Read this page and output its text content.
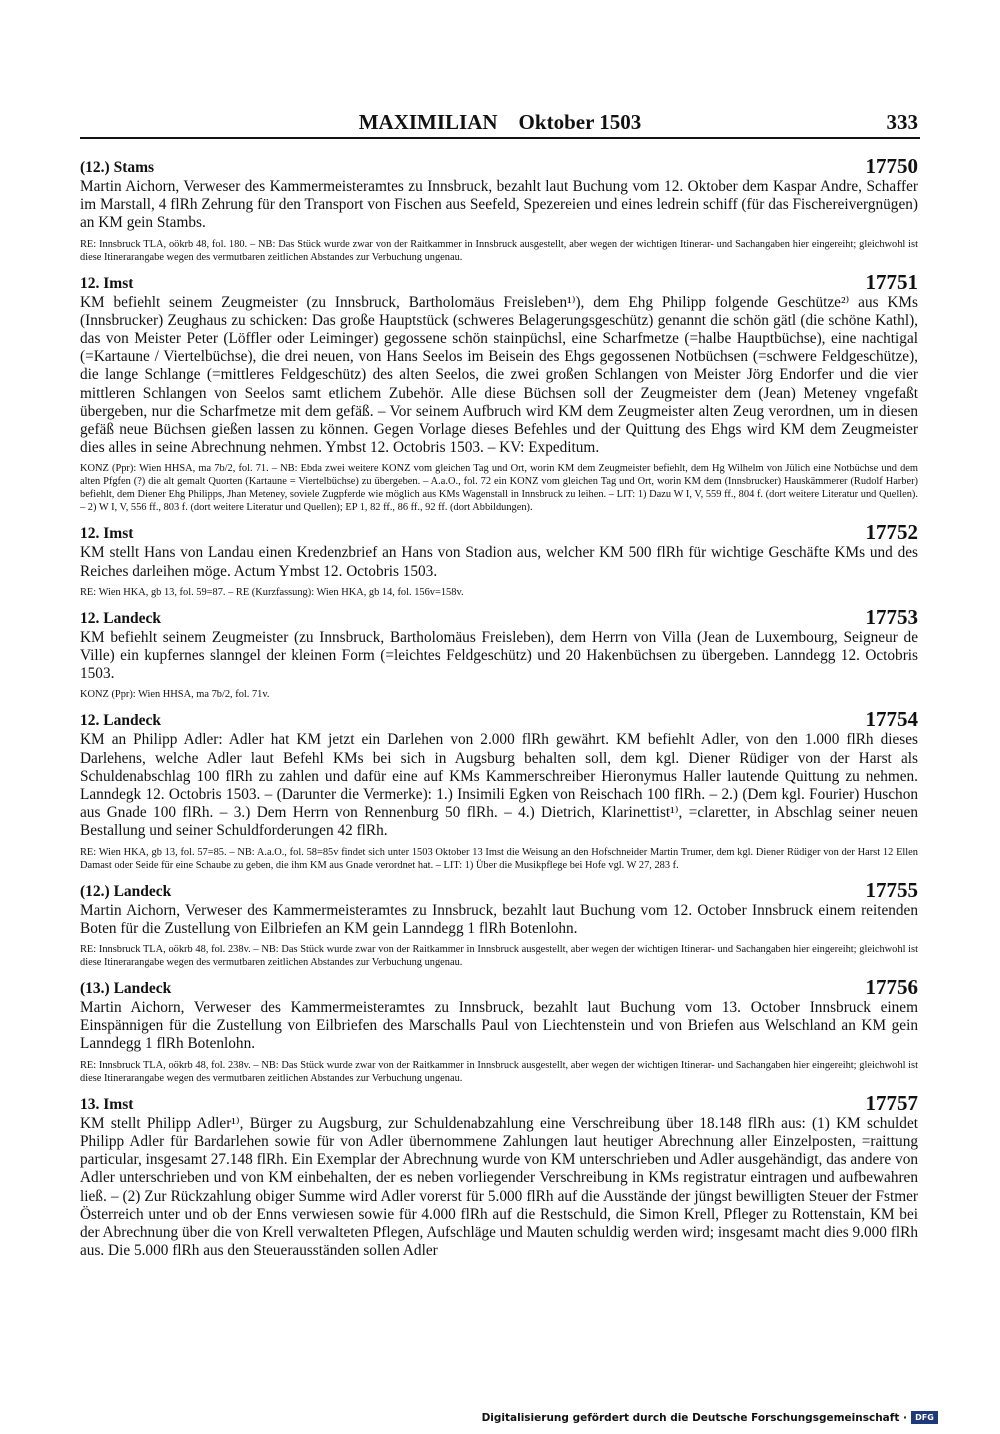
MAXIMILIAN    Oktober 1503	333
(12.) Stams	17750
Martin Aichorn, Verweser des Kammermeisteramtes zu Innsbruck, bezahlt laut Buchung vom 12. Oktober dem Kaspar Andre, Schaffer im Marstall, 4 flRh Zehrung für den Transport von Fischen aus Seefeld, Spezereien und eines ledrein schiff (für das Fischereivergnügen) an KM gein Stambs.
RE: Innsbruck TLA, oökrb 48, fol. 180. – NB: Das Stück wurde zwar von der Raitkammer in Innsbruck ausgestellt, aber wegen der wichtigen Itinerar- und Sachangaben hier eingereiht; gleichwohl ist diese Itinerarangabe wegen des vermutbaren zeitlichen Abstandes zur Verbuchung ungenau.
12. Imst	17751
KM befiehlt seinem Zeugmeister (zu Innsbruck, Bartholomäus Freisleben¹⁾), dem Ehg Philipp folgende Geschütze²⁾ aus KMs (Innsbrucker) Zeughaus zu schicken: Das große Hauptstück (schweres Belagerungsgeschütz) genannt die schön gätl (die schöne Kathl), das von Meister Peter (Löffler oder Leiminger) gegossene schön stainpüchsl, eine Scharfmetze (=halbe Hauptbüchse), eine nachtigal (=Kartaune / Viertelbüchse), die drei neuen, von Hans Seelos im Beisein des Ehgs gegossenen Notbüchsen (=schwere Feldgeschütze), die lange Schlange (=mittleres Feldgeschütz) des alten Seelos, die zwei großen Schlangen von Meister Jörg Endorfer und die vier mittleren Schlangen von Seelos samt etlichem Zubehör. Alle diese Büchsen soll der Zeugmeister dem (Jean) Meteney vngefaßt übergeben, nur die Scharfmetze mit dem gefäß. – Vor seinem Aufbruch wird KM dem Zeugmeister alten Zeug verordnen, um in diesen gefäß neue Büchsen gießen lassen zu können. Gegen Vorlage dieses Befehles und der Quittung des Ehgs wird KM dem Zeugmeister dies alles in seine Abrechnung nehmen. Ymbst 12. Octobris 1503. – KV: Expeditum.
KONZ (Ppr): Wien HHSA, ma 7b/2, fol. 71. – NB: Ebda zwei weitere KONZ vom gleichen Tag und Ort, worin KM dem Zeugmeister befiehlt, dem Hg Wilhelm von Jülich eine Notbüchse und dem alten Pfgfen (?) die alt gemalt Quorten (Kartaune = Viertelbüchse) zu übergeben. – A.a.O., fol. 72 ein KONZ vom gleichen Tag und Ort, worin KM dem (Innsbrucker) Hauskämmerer (Rudolf Harber) befiehlt, dem Diener Ehg Philipps, Jhan Meteney, soviele Zugpferde wie möglich aus KMs Wagenstall in Innsbruck zu leihen. – LIT: 1) Dazu W I, V, 559 ff., 804 f. (dort weitere Literatur und Quellen). – 2) W I, V, 556 ff., 803 f. (dort weitere Literatur und Quellen); EP 1, 82 ff., 86 ff., 92 ff. (dort Abbildungen).
12. Imst	17752
KM stellt Hans von Landau einen Kredenzbrief an Hans von Stadion aus, welcher KM 500 flRh für wichtige Geschäfte KMs und des Reiches darleihen möge. Actum Ymbst 12. Octobris 1503.
RE: Wien HKA, gb 13, fol. 59=87. – RE (Kurzfassung): Wien HKA, gb 14, fol. 156v=158v.
12. Landeck	17753
KM befiehlt seinem Zeugmeister (zu Innsbruck, Bartholomäus Freisleben), dem Herrn von Villa (Jean de Luxembourg, Seigneur de Ville) ein kupfernes slanngel der kleinen Form (=leichtes Feldgeschütz) und 20 Hakenbüchsen zu übergeben. Lanndegg 12. Octobris 1503.
KONZ (Ppr): Wien HHSA, ma 7b/2, fol. 71v.
12. Landeck	17754
KM an Philipp Adler: Adler hat KM jetzt ein Darlehen von 2.000 flRh gewährt. KM befiehlt Adler, von den 1.000 flRh dieses Darlehens, welche Adler laut Befehl KMs bei sich in Augsburg behalten soll, dem kgl. Diener Rüdiger von der Harst als Schuldenabschlag 100 flRh zu zahlen und dafür eine auf KMs Kammerschreiber Hieronymus Haller lautende Quittung zu nehmen. Lanndegk 12. Octobris 1503. – (Darunter die Vermerke): 1.) Insimili Egken von Reischach 100 flRh. – 2.) (Dem kgl. Fourier) Huschon aus Gnade 100 flRh. – 3.) Dem Herrn von Rennenburg 50 flRh. – 4.) Dietrich, Klarinettist¹⁾, =claretter, in Abschlag seiner neuen Bestallung und seiner Schuldforderungen 42 flRh.
RE: Wien HKA, gb 13, fol. 57=85. – NB: A.a.O., fol. 58=85v findet sich unter 1503 Oktober 13 Imst die Weisung an den Hofschneider Martin Trumer, dem kgl. Diener Rüdiger von der Harst 12 Ellen Damast oder Seide für eine Schaube zu geben, die ihm KM aus Gnade verordnet hat. – LIT: 1) Über die Musikpflege bei Hofe vgl. W 27, 283 f.
(12.) Landeck	17755
Martin Aichorn, Verweser des Kammermeisteramtes zu Innsbruck, bezahlt laut Buchung vom 12. October Innsbruck einem reitenden Boten für die Zustellung von Eilbriefen an KM gein Lanndegg 1 flRh Botenlohn.
RE: Innsbruck TLA, oökrb 48, fol. 238v. – NB: Das Stück wurde zwar von der Raitkammer in Innsbruck ausgestellt, aber wegen der wichtigen Itinerar- und Sachangaben hier eingereiht; gleichwohl ist diese Itinerarangabe wegen des vermutbaren zeitlichen Abstandes zur Verbuchung ungenau.
(13.) Landeck	17756
Martin Aichorn, Verweser des Kammermeisteramtes zu Innsbruck, bezahlt laut Buchung vom 13. October Innsbruck einem Einspännigen für die Zustellung von Eilbriefen des Marschalls Paul von Liechtenstein und von Briefen aus Welschland an KM gein Lanndegg 1 flRh Botenlohn.
RE: Innsbruck TLA, oökrb 48, fol. 238v. – NB: Das Stück wurde zwar von der Raitkammer in Innsbruck ausgestellt, aber wegen der wichtigen Itinerar- und Sachangaben hier eingereiht; gleichwohl ist diese Itinerarangabe wegen des vermutbaren zeitlichen Abstandes zur Verbuchung ungenau.
13. Imst	17757
KM stellt Philipp Adler¹⁾, Bürger zu Augsburg, zur Schuldenabzahlung eine Verschreibung über 18.148 flRh aus: (1) KM schuldet Philipp Adler für Bardarlehen sowie für von Adler übernommene Zahlungen laut heutiger Abrechnung aller Einzelposten, =raittung particular, insgesamt 27.148 flRh. Ein Exemplar der Abrechnung wurde von KM unterschrieben und Adler ausgehändigt, das andere von Adler unterschrieben und von KM einbehalten, der es neben vorliegender Verschreibung in KMs registratur eintragen und aufbewahren ließ. – (2) Zur Rückzahlung obiger Summe wird Adler vorerst für 5.000 flRh auf die Ausstände der jüngst bewilligten Steuer der Fstmer Österreich unter und ob der Enns verwiesen sowie für 4.000 flRh auf die Restschuld, die Simon Krell, Pfleger zu Rottenstain, KM bei der Abrechnung über die von Krell verwalteten Pflegen, Aufschläge und Mauten schuldig werden wird; insgesamt macht dies 9.000 flRh aus. Die 5.000 flRh aus den Steuerausständen sollen Adler
Digitalisierung gefördert durch die Deutsche Forschungsgemeinschaft ·	DFG
